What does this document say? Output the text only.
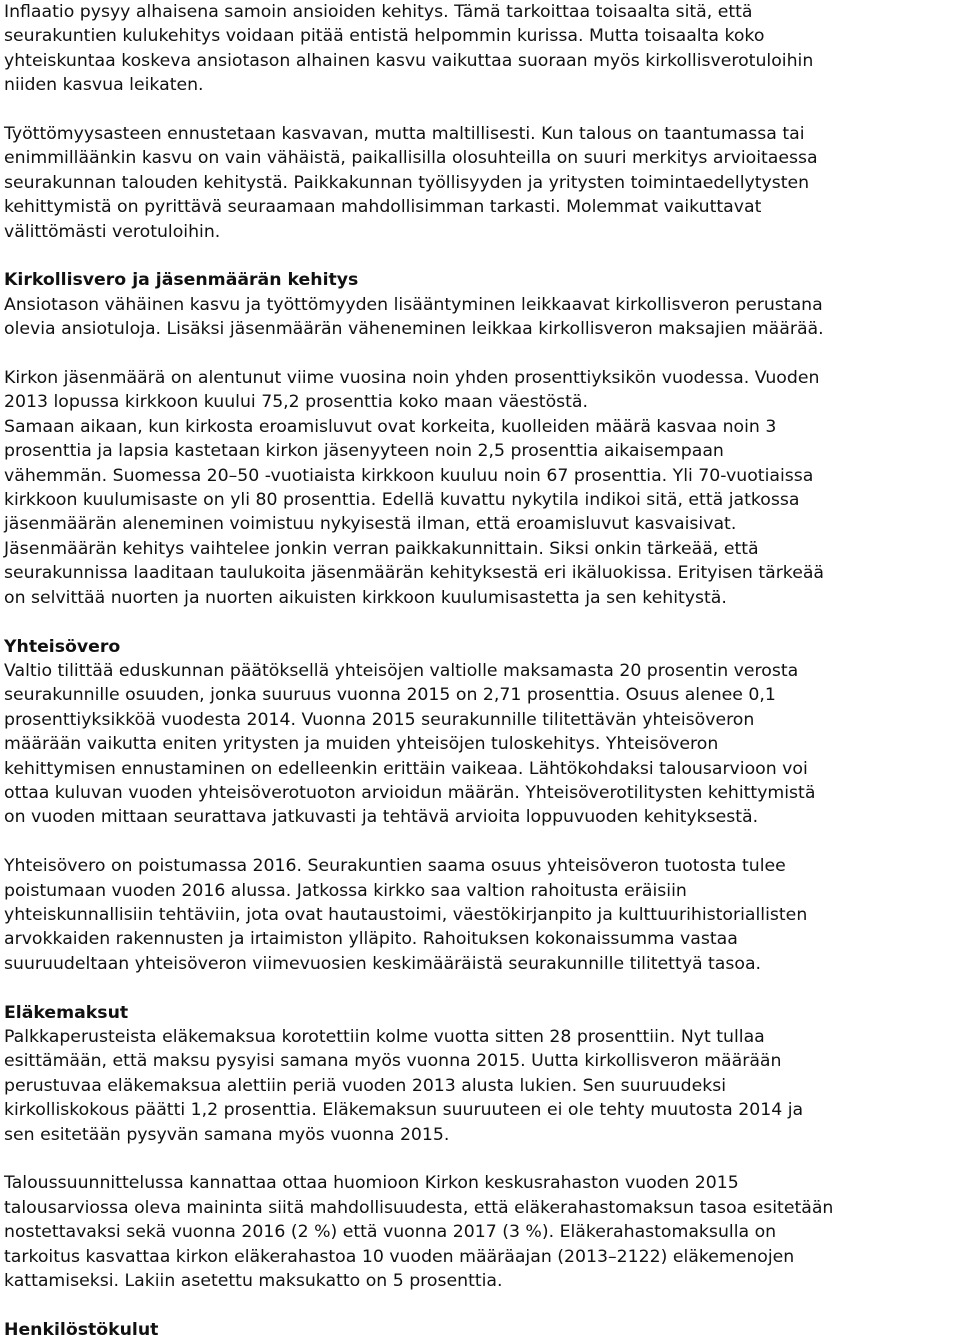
Inflaatio pysyy alhaisena samoin ansioiden kehitys. Tämä tarkoittaa toisaalta sitä, että
seurakuntien kulukehitys voidaan pitää entistä helpommin kurissa. Mutta toisaalta koko
yhteiskuntaa koskeva ansiotason alhainen kasvu vaikuttaa suoraan myös kirkollisverotuloihin
niiden kasvua leikaten.

Työttömyysasteen ennustetaan kasvavan, mutta maltillisesti. Kun talous on taantumassa tai
enimmilläänkin kasvu on vain vähäistä, paikallisilla olosuhteilla on suuri merkitys arvioitaessa
seurakunnan talouden kehitystä. Paikkakunnan työllisyyden ja yritysten toimintaedellytysten
kehittymistä on pyrittävä seuraamaan mahdollisimman tarkasti. Molemmat vaikuttavat
välittömästi verotuloihin.

Kirkollisvero ja jäsenmäärän kehitys

Ansiotason vähäinen kasvu ja työttömyyden lisääntyminen leikkaavat kirkollisveron perustana
olevia ansiotuloja. Lisäksi jäsenmäärän väheneminen leikkaa kirkollisveron maksajien määrää.

Kirkon jäsenmäärä on alentunut viime vuosina noin yhden prosenttiyksikön vuodessa. Vuoden
2013 lopussa kirkkoon kuului 75,2 prosenttia koko maan väestöstä.
Samaan aikaan, kun kirkosta eroamisluvut ovat korkeita, kuolleiden määrä kasvaa noin 3
prosenttia ja lapsia kastetaan kirkon jäsenyyteen noin 2,5 prosenttia aikaisempaan
vähemmän. Suomessa 20–50 -vuotiaista kirkkoon kuuluu noin 67 prosenttia. Yli 70-vuotiaissa
kirkkoon kuulumisaste on yli 80 prosenttia. Edellä kuvattu nykytila indikoi sitä, että jatkossa
jäsenmäärän aleneminen voimistuu nykyisestä ilman, että eroamisluvut kasvaisivat.
Jäsenmäärän kehitys vaihtelee jonkin verran paikkakunnittain. Siksi onkin tärkeää, että
seurakunnissa laaditaan taulukoita jäsenmäärän kehityksestä eri ikäluokissa. Erityisen tärkeää
on selvittää nuorten ja nuorten aikuisten kirkkoon kuulumisastetta ja sen kehitystä.

Yhteisövero

Valtio tilittää eduskunnan päätöksellä yhteisöjen valtiolle maksamasta 20 prosentin verosta
seurakunnille osuuden, jonka suuruus vuonna 2015 on 2,71 prosenttia. Osuus alenee 0,1
prosenttiyksikköä vuodesta 2014. Vuonna 2015 seurakunnille tilitettävän yhteisöveron
määrään vaikutta eniten yritysten ja muiden yhteisöjen tuloskehitys. Yhteisöveron
kehittymisen ennustaminen on edelleenkin erittäin vaikeaa. Lähtökohdaksi talousarvioon voi
ottaa kuluvan vuoden yhteisöverotuoton arvioidun määrän. Yhteisöverotilitysten kehittymistä
on vuoden mittaan seurattava jatkuvasti ja tehtävä arvioita loppuvuoden kehityksestä.

Yhteisövero on poistumassa 2016. Seurakuntien saama osuus yhteisöveron tuotosta tulee
poistumaan vuoden 2016 alussa. Jatkossa kirkko saa valtion rahoitusta eräisiin
yhteiskunnallisiin tehtäviin, jota ovat hautaustoimi, väestökirjanpito ja kulttuurihistoriallisten
arvokkaiden rakennusten ja irtaimiston ylläpito. Rahoituksen kokonaissumma vastaa
suuruudeltaan yhteisöveron viimevuosien keskimääräistä seurakunnille tilitettyä tasoa.

Eläkemaksut

Palkkaperusteista eläkemaksua korotettiin kolme vuotta sitten 28 prosenttiin. Nyt tullaa
esittämään, että maksu pysyisi samana myös vuonna 2015. Uutta kirkollisveron määrään
perustuvaa eläkemaksua alettiin periä vuoden 2013 alusta lukien. Sen suuruudeksi
kirkolliskokous päätti 1,2 prosenttia. Eläkemaksun suuruuteen ei ole tehty muutosta 2014 ja
sen esitetään pysyvän samana myös vuonna 2015.

Taloussuunnittelussa kannattaa ottaa huomioon Kirkon keskusrahaston vuoden 2015
talousarviossa oleva maininta siitä mahdollisuudesta, että eläkerahastomaksun tasoa esitetään
nostettavaksi sekä vuonna 2016 (2 %) että vuonna 2017 (3 %). Eläkerahastomaksulla on
tarkoitus kasvattaa kirkon eläkerahastoa 10 vuoden määräajan (2013–2122) eläkemenojen
kattamiseksi. Lakiin asetettu maksukatto on 5 prosenttia.

Henkilöstökulut
